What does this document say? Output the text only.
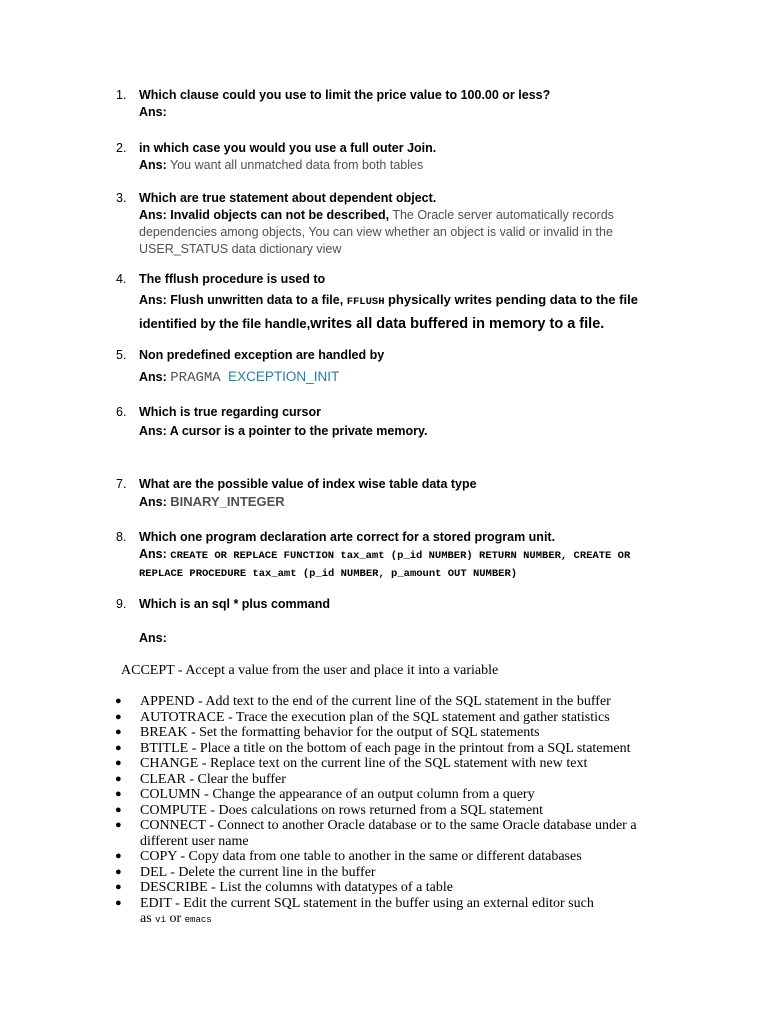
1.	Which clause could you use to limit the price value to 100.00 or less?
Ans:
2.	in which case you would you use a full outer Join.
Ans: You want all unmatched data from both tables
3.	Which are true statement about dependent object.
Ans: Invalid objects can not be described, The Oracle server automatically records dependencies among objects, You can view whether an object is valid or invalid in the USER_STATUS data dictionary view
4.	The fflush procedure is used to
Ans: Flush unwritten data to a file, FFLUSH physically writes pending data to the file identified by the file handle,writes all data buffered in memory to a file.
5.	Non predefined exception are handled by
Ans: PRAGMA EXCEPTION_INIT
6.	Which is true regarding cursor
Ans: A cursor is a pointer to the private memory.
7.	What are the possible value of index wise table data type
Ans: BINARY_INTEGER
8.	Which one program declaration arte correct for a stored program unit.
Ans: CREATE OR REPLACE FUNCTION tax_amt (p_id NUMBER) RETURN NUMBER, CREATE OR REPLACE PROCEDURE tax_amt (p_id NUMBER, p_amount OUT NUMBER)
9.	Which is an sql * plus command
Ans:
ACCEPT - Accept a value from the user and place it into a variable
● APPEND - Add text to the end of the current line of the SQL statement in the buffer
● AUTOTRACE - Trace the execution plan of the SQL statement and gather statistics
● BREAK - Set the formatting behavior for the output of SQL statements
● BTITLE - Place a title on the bottom of each page in the printout from a SQL statement
● CHANGE - Replace text on the current line of the SQL statement with new text
● CLEAR - Clear the buffer
● COLUMN - Change the appearance of an output column from a query
● COMPUTE - Does calculations on rows returned from a SQL statement
● CONNECT - Connect to another Oracle database or to the same Oracle database under a different user name
● COPY - Copy data from one table to another in the same or different databases
● DEL - Delete the current line in the buffer
● DESCRIBE - List the columns with datatypes of a table
● EDIT - Edit the current SQL statement in the buffer using an external editor such
as vi or emacs
